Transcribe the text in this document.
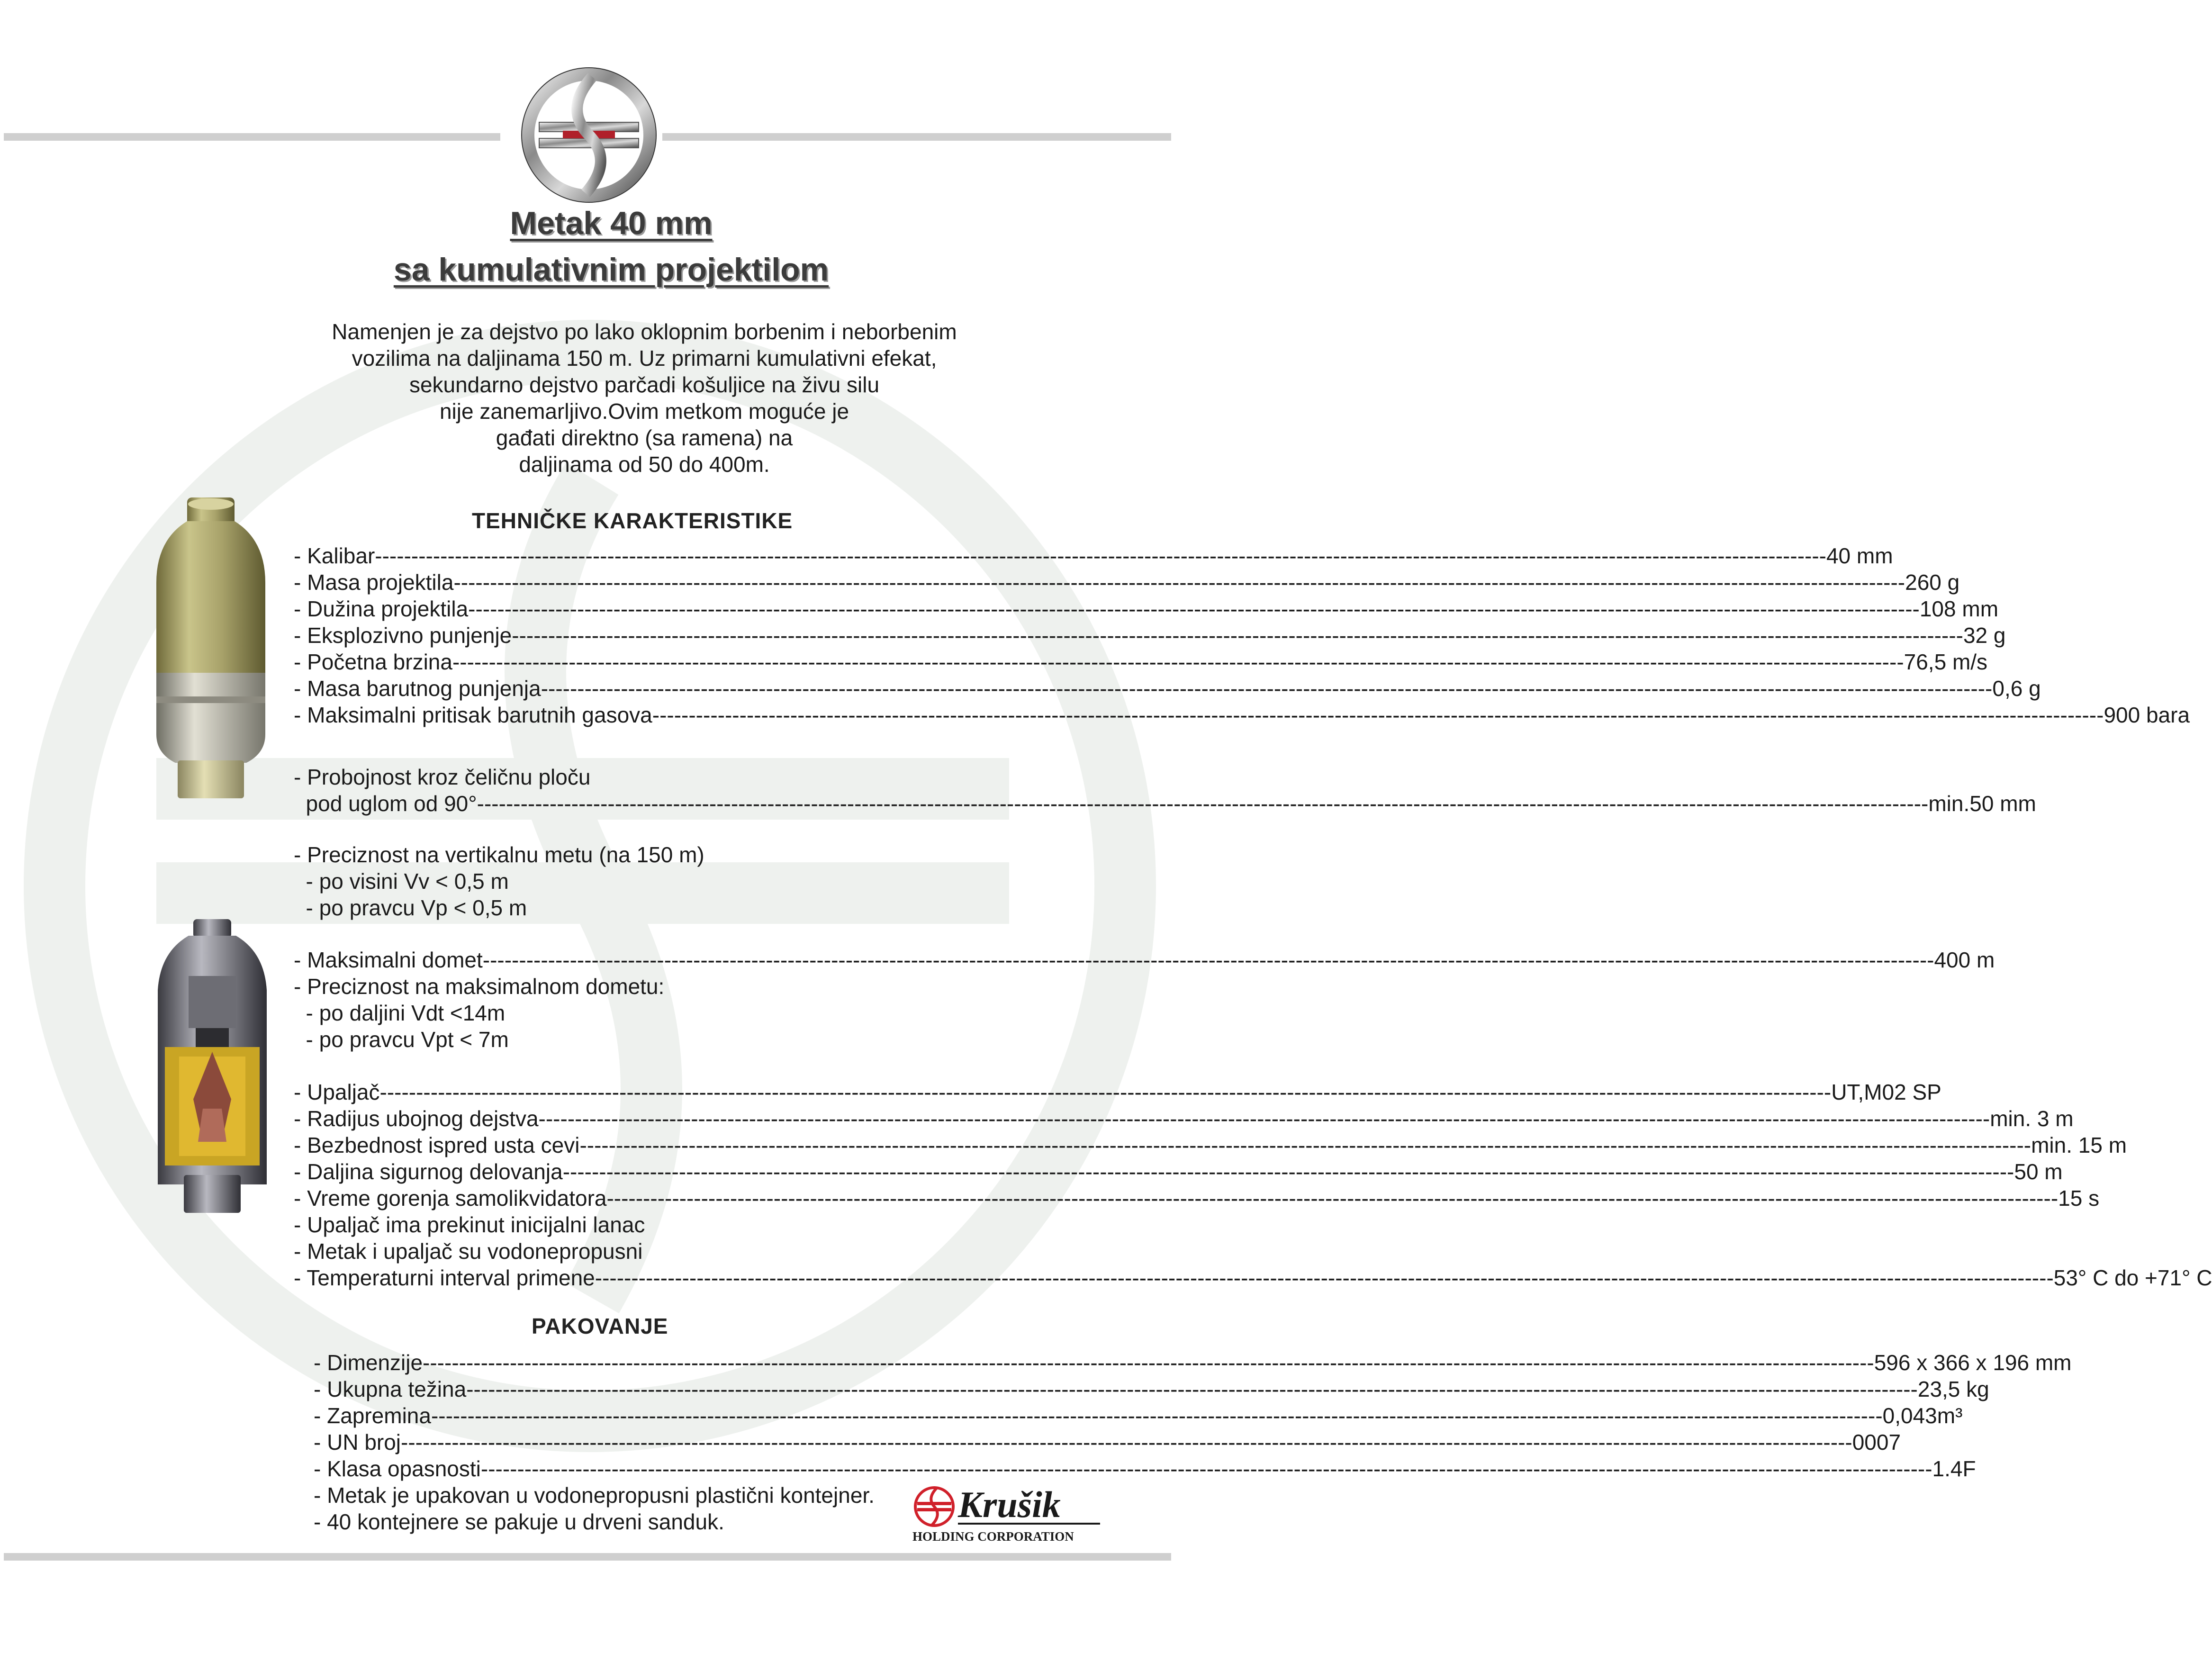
Metak 40 mm
sa kumulativnim projektilom
Namenjen je za dejstvo po lako oklopnim borbenim i neborbenim
vozilima na daljinama 150 m. Uz primarni kumulativni efekat,
sekundarno dejstvo parčadi košuljice na živu silu
nije zanemarljivo.Ovim metkom moguće je
gađati direktno (sa ramena) na
daljinama od 50 do 400m.
TEHNIČKE KARAKTERISTIKE
- Kalibar -------------------------------------------------------------------------------------------------------------------------------------------------------------------------------------------------------- 40 mm
- Masa projektila -------------------------------------------------------------------------------------------------------------------------------------------------------------------------------------------------------- 260 g
- Dužina projektila -------------------------------------------------------------------------------------------------------------------------------------------------------------------------------------------------------- 108 mm
- Eksplozivno punjenje -------------------------------------------------------------------------------------------------------------------------------------------------------------------------------------------------------- 32 g
- Početna brzina -------------------------------------------------------------------------------------------------------------------------------------------------------------------------------------------------------- 76,5 m/s
- Masa barutnog punjenja -------------------------------------------------------------------------------------------------------------------------------------------------------------------------------------------------------- 0,6 g
- Maksimalni pritisak barutnih gasova -------------------------------------------------------------------------------------------------------------------------------------------------------------------------------------------------------- 900 bara
- Probojnost kroz čeličnu ploču
pod uglom od 90° -------------------------------------------------------------------------------------------------------------------------------------------------------------------------------------------------------- min.50 mm
- Preciznost na vertikalnu metu (na 150 m)
- po visini Vv < 0,5 m
- po pravcu Vp < 0,5 m
- Maksimalni domet -------------------------------------------------------------------------------------------------------------------------------------------------------------------------------------------------------- 400 m
- Preciznost na maksimalnom dometu:
- po daljini Vdt <14m
- po pravcu Vpt < 7m
- Upaljač -------------------------------------------------------------------------------------------------------------------------------------------------------------------------------------------------------- UT,M02 SP
- Radijus ubojnog dejstva -------------------------------------------------------------------------------------------------------------------------------------------------------------------------------------------------------- min. 3 m
- Bezbednost ispred usta cevi -------------------------------------------------------------------------------------------------------------------------------------------------------------------------------------------------------- min. 15 m
- Daljina sigurnog delovanja -------------------------------------------------------------------------------------------------------------------------------------------------------------------------------------------------------- 50 m
- Vreme gorenja samolikvidatora -------------------------------------------------------------------------------------------------------------------------------------------------------------------------------------------------------- 15 s
- Upaljač ima prekinut inicijalni lanac
- Metak i upaljač su vodonepropusni
- Temperaturni interval primene -------------------------------------------------------------------------------------------------------------------------------------------------------------------------------------------------------- -53° C do +71° C
PAKOVANJE
- Dimenzije -------------------------------------------------------------------------------------------------------------------------------------------------------------------------------------------------------- 596 x 366 x 196 mm
- Ukupna težina -------------------------------------------------------------------------------------------------------------------------------------------------------------------------------------------------------- 23,5 kg
- Zapremina -------------------------------------------------------------------------------------------------------------------------------------------------------------------------------------------------------- 0,043m³
- UN broj -------------------------------------------------------------------------------------------------------------------------------------------------------------------------------------------------------- 0007
- Klasa opasnosti -------------------------------------------------------------------------------------------------------------------------------------------------------------------------------------------------------- 1.4F
- Metak je upakovan u vodonepropusni plastični kontejner.
- 40 kontejnere se pakuje u drveni sanduk.	Krušik
HOLDING CORPORATION
